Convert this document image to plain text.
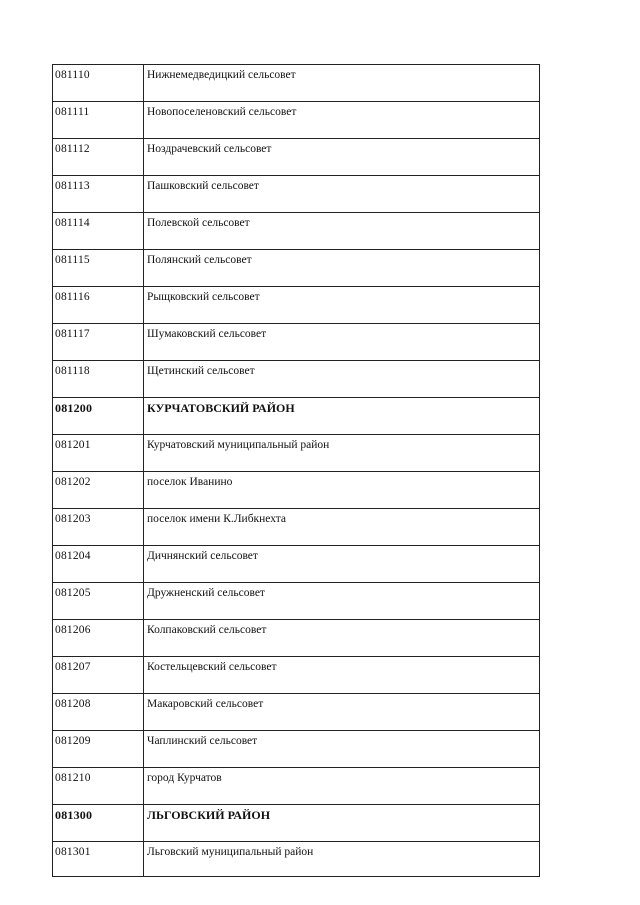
081110	Нижнемедведицкий сельсовет
081111	Новопоселеновский сельсовет
081112	Ноздрачевский сельсовет
081113	Пашковский сельсовет
081114	Полевской сельсовет
081115	Полянский сельсовет
081116	Рыщковский сельсовет
081117	Шумаковский сельсовет
081118	Щетинский сельсовет
081200	КУРЧАТОВСКИЙ РАЙОН
081201	Курчатовский муниципальный район
081202	поселок Иванино
081203	поселок имени К.Либкнехта
081204	Дичнянский сельсовет
081205	Дружненский сельсовет
081206	Колпаковский сельсовет
081207	Костельцевский сельсовет
081208	Макаровский сельсовет
081209	Чаплинский сельсовет
081210	город Курчатов
081300	ЛЬГОВСКИЙ РАЙОН
081301	Льговский муниципальный район
